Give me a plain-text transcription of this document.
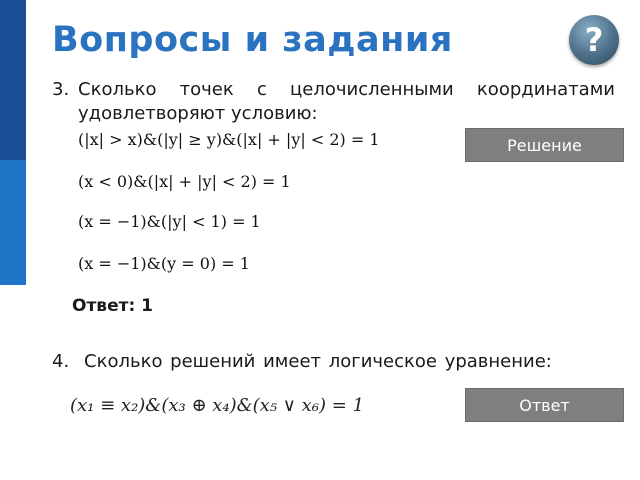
Вопросы и задания	?
3. Сколько точек с целочисленными координатами удовлетворяют условию:
(|x| > x)&(|y| ≥ y)&(|x| + |y| < 2) = 1
(x < 0)&(|x| + |y| < 2) = 1
(x = −1)&(|y| < 1) = 1
(x = −1)&(y = 0) = 1
Решение
Ответ: 1
4. Сколько решений имеет логическое уравнение:
(x₁ ≡ x₂)&(x₃ ⊕ x₄)&(x₅ ∨ x₆) = 1	Ответ
